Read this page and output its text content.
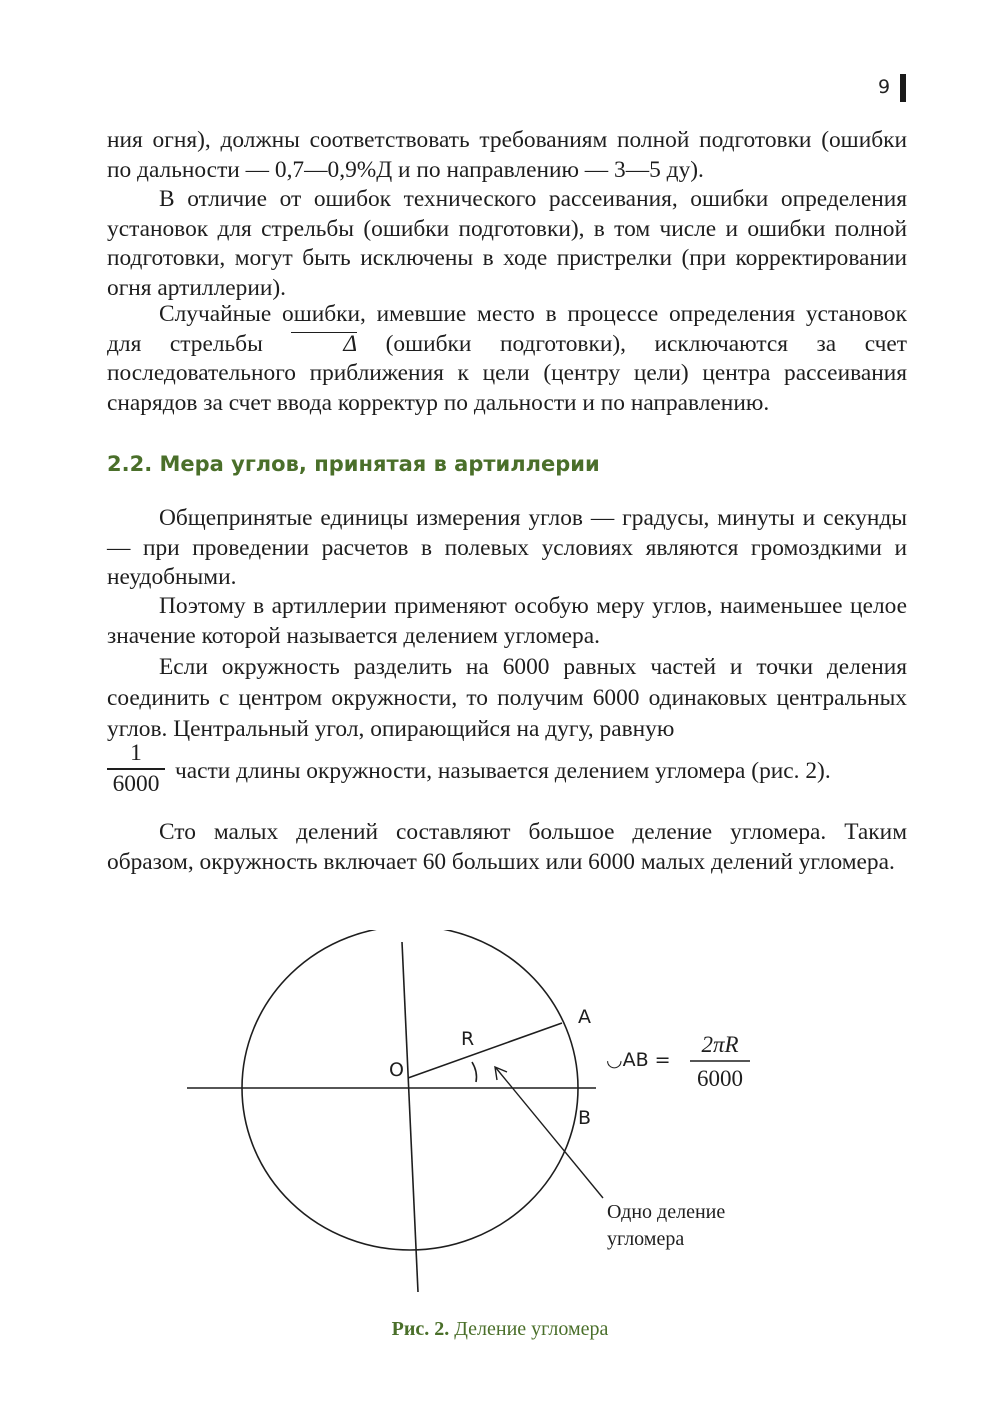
9

ния огня), должны соответствовать требованиям полной подготовки (ошибки по дальности — 0,7—0,9%Д и по направлению — 3—5 ду).

В отличие от ошибок технического рассеивания, ошибки определения установок для стрельбы (ошибки подготовки), в том числе и ошибки полной подготовки, могут быть исключены в ходе пристрелки (при корректировании огня артиллерии).

Случайные ошибки, имевшие место в процессе определения установок для стрельбы Δ (ошибки подготовки), исключаются за счет последовательного приближения к цели (центру цели) центра рассеивания снарядов за счет ввода корректур по дальности и по направлению.

2.2. Мера углов, принятая в артиллерии

Общепринятые единицы измерения углов — градусы, минуты и секунды — при проведении расчетов в полевых условиях являются громоздкими и неудобными.

Поэтому в артиллерии применяют особую меру углов, наименьшее целое значение которой называется делением угломера.

Если окружность разделить на 6000 равных частей и точки деления соединить с центром окружности, то получим 6000 одинаковых центральных углов. Центральный угол, опирающийся на дугу, равную

1
6000 части длины окружности, называется делением угломера (рис. 2).

Сто малых делений составляют большое деление угломера. Таким образом, окружность включает 60 больших или 6000 малых делений угломера.

O
R
A
B
◡AB =
2πR
6000
Одно деление
угломера
Рис. 2. Деление угломера
